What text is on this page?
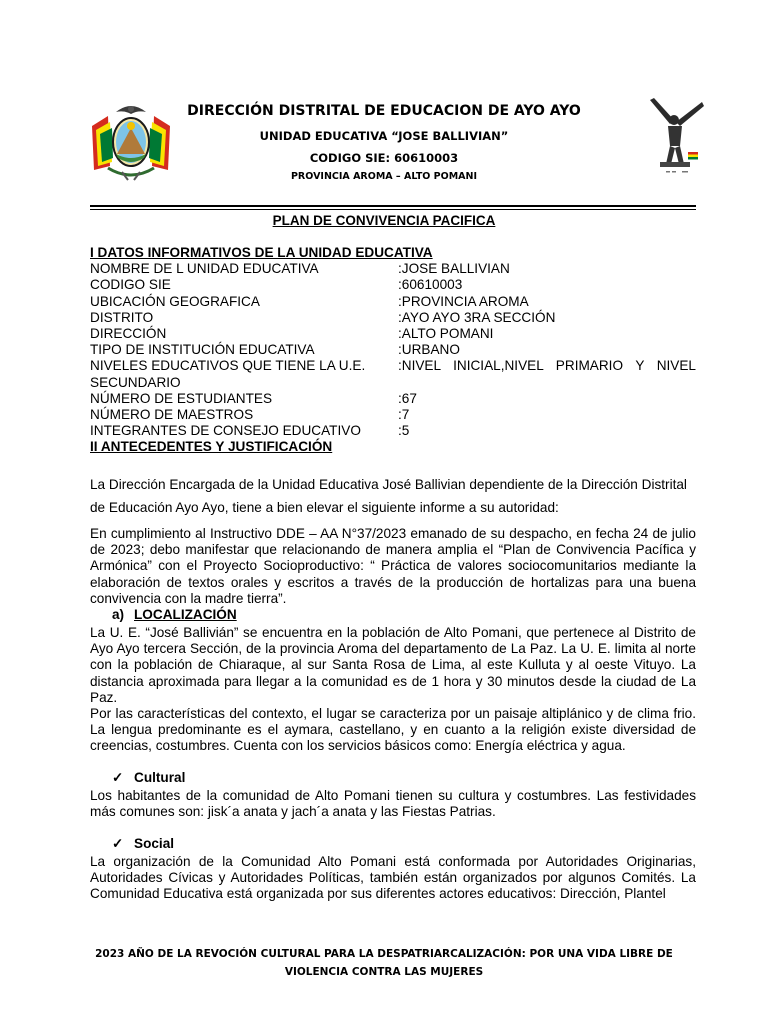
DIRECCIÓN DISTRITAL DE EDUCACION DE AYO AYO
UNIDAD EDUCATIVA “JOSE BALLIVIAN”
CODIGO SIE: 60610003
PROVINCIA AROMA – ALTO POMANI
PLAN DE CONVIVENCIA PACIFICA
I DATOS INFORMATIVOS DE LA UNIDAD EDUCATIVA
NOMBRE DE L UNIDAD EDUCATIVA	:JOSE BALLIVIAN
CODIGO SIE	:60610003
UBICACIÓN GEOGRAFICA	:PROVINCIA AROMA
DISTRITO	:AYO AYO 3RA SECCIÓN
DIRECCIÓN	:ALTO POMANI
TIPO DE INSTITUCIÓN EDUCATIVA	:URBANO
NIVELES EDUCATIVOS QUE TIENE LA U.E.	:NIVEL INICIAL,NIVEL PRIMARIO Y NIVEL
SECUNDARIO
NÚMERO DE ESTUDIANTES	:67
NÚMERO DE MAESTROS	:7
INTEGRANTES DE CONSEJO EDUCATIVO	:5
II ANTECEDENTES Y JUSTIFICACIÓN
La Dirección Encargada de la Unidad Educativa José Ballivian dependiente de la Dirección Distrital
de Educación Ayo Ayo, tiene a bien elevar el siguiente informe a su autoridad:
En cumplimiento al Instructivo DDE – AA N°37/2023 emanado de su despacho, en fecha 24 de julio de 2023; debo manifestar que relacionando de manera amplia el “Plan de Convivencia Pacífica y Armónica” con el Proyecto Socioproductivo: “ Práctica de valores sociocomunitarios mediante la elaboración de textos orales y escritos a través de la producción de hortalizas para una buena convivencia con la madre tierra”.
a) LOCALIZACIÓN
La U. E. “José Ballivián” se encuentra en la población de Alto Pomani, que pertenece al Distrito de Ayo Ayo tercera Sección, de la provincia Aroma del departamento de La Paz. La U. E. limita al norte con la población de Chiaraque, al sur Santa Rosa de Lima, al este Kulluta y al oeste Vituyo. La distancia aproximada para llegar a la comunidad es de 1 hora y 30 minutos desde la ciudad de La Paz.
Por las características del contexto, el lugar se caracteriza por un paisaje altiplánico y de clima frio. La lengua predominante es el aymara, castellano, y en cuanto a la religión existe diversidad de creencias, costumbres. Cuenta con los servicios básicos como: Energía eléctrica y agua.
✓ Cultural
Los habitantes de la comunidad de Alto Pomani tienen su cultura y costumbres. Las festividades más comunes son: jisk´a anata y jach´a anata y las Fiestas Patrias.
✓ Social
La organización de la Comunidad Alto Pomani está conformada por Autoridades Originarias, Autoridades Cívicas y Autoridades Políticas, también están organizados por algunos Comités. La Comunidad Educativa está organizada por sus diferentes actores educativos: Dirección, Plantel
2023 AÑO DE LA REVOCIÓN CULTURAL PARA LA DESPATRIARCALIZACIÓN: POR UNA VIDA LIBRE DE
VIOLENCIA CONTRA LAS MUJERES
